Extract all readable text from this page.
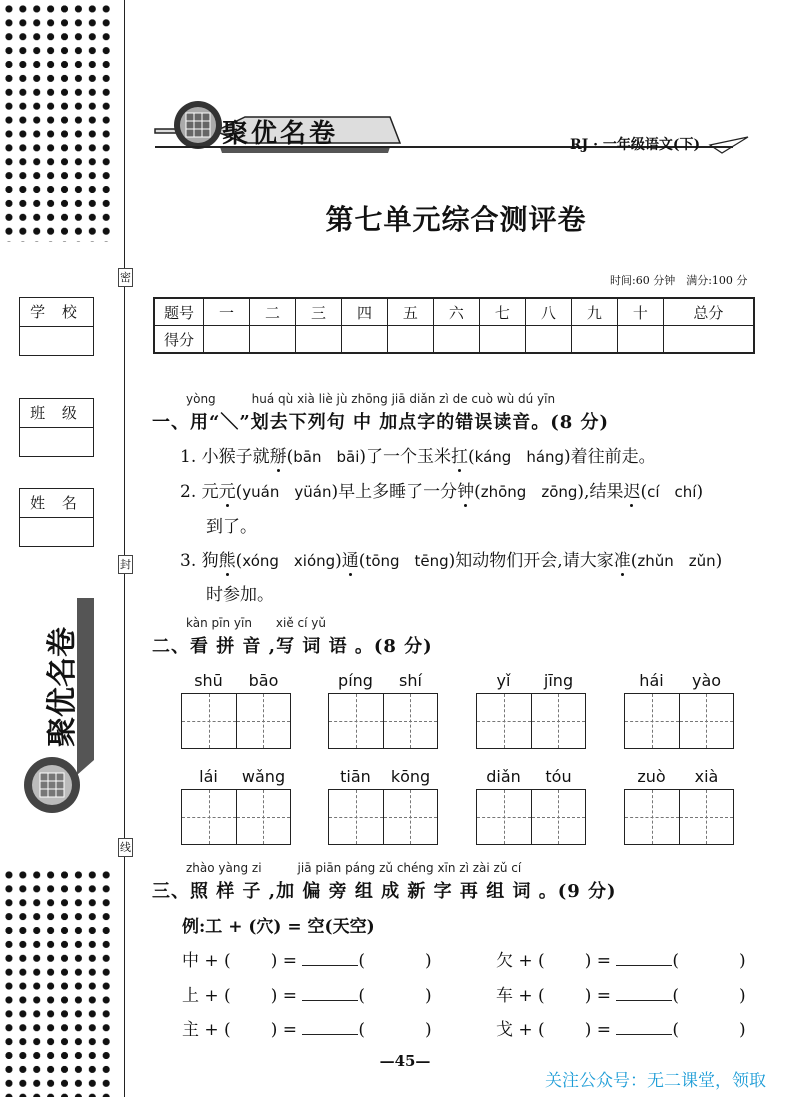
密
封
线
学 校
班 级
姓 名
聚优名卷
聚优名卷	RJ · 一年级语文(下)
第七单元综合测评卷
时间:60 分钟　满分:100 分
题号	一	二	三	四	五	六	七	八	九	十	总分
得分											
yòng　　　huá qù xià liè jù zhōng jiā diǎn zì de cuò wù dú yīn
一、用“＼”划去下列句 中 加点字的错误读音。(8 分)
1. 小猴子就掰(bān　bāi)了一个玉米扛(káng　háng)着往前走。
2. 元元(yuán　yüán)早上多睡了一分钟(zhōng　zōng),结果迟(cí　chí)
到了。
3. 狗熊(xóng　xióng)通(tōng　tēng)知动物们开会,请大家准(zhǔn　zǔn)
时参加。
kàn pīn yīn　　xiě cí yǔ
二、看 拼 音 ,写 词 语 。(8 分)
shū	bāo	píng	shí	yǐ	jīng	hái	yào
lái	wǎng	tiān	kōng	diǎn	tóu	zuò	xià
zhào yàng zi　　　jiā piān páng zǔ chéng xīn zì zài zǔ cí
三、照 样 子 ,加 偏 旁 组 成 新 字 再 组 词 。(9 分)
例:工 + (穴) = 空(天空)
中 + ( ) =	(	)	欠 + ( ) =	(	)
上 + ( ) =	(	)	车 + ( ) =	(	)
主 + ( ) =	(	)	戈 + ( ) =	(	)
—45—
关注公众号：无二课堂，领取
